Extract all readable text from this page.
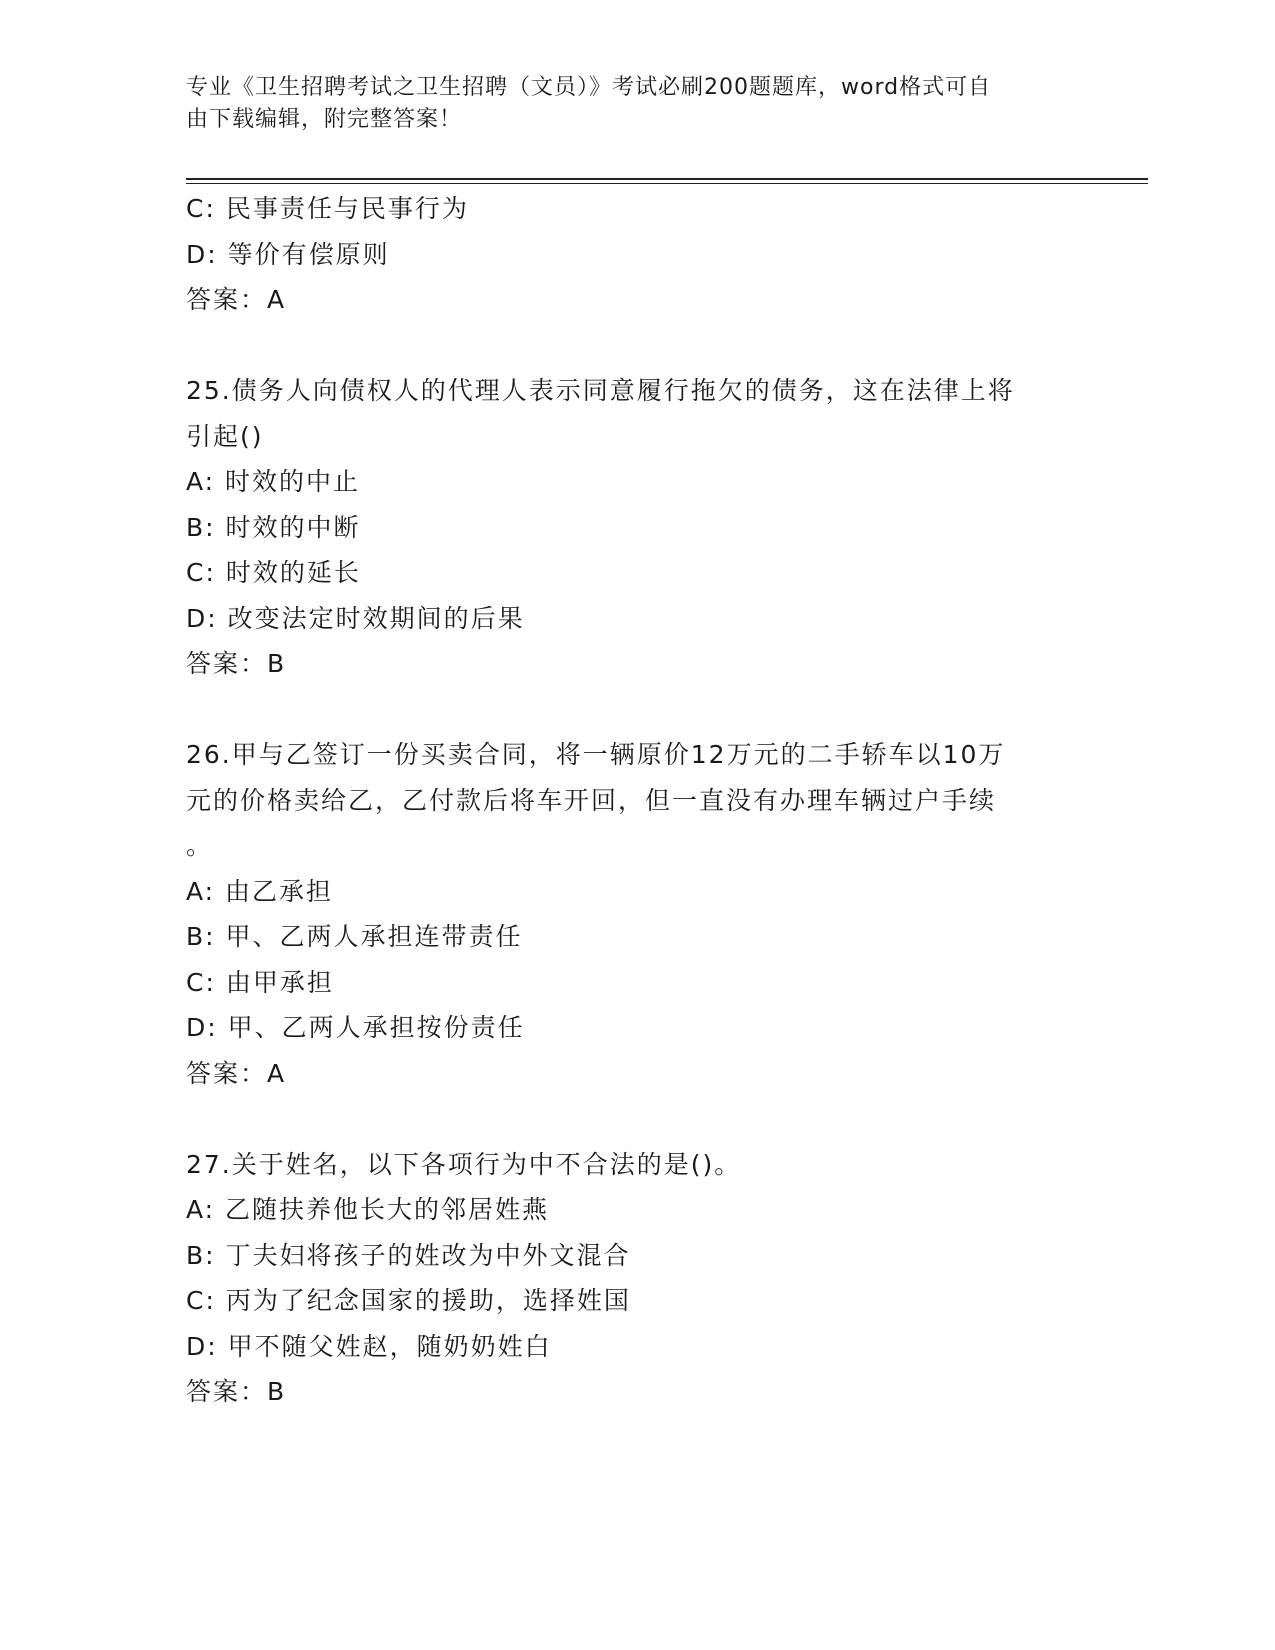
专业《卫生招聘考试之卫生招聘（文员）》考试必刷200题题库，word格式可自
由下载编辑，附完整答案！
C: 民事责任与民事行为
D: 等价有偿原则
答案：A
25.债务人向债权人的代理人表示同意履行拖欠的债务，这在法律上将
引起()
A: 时效的中止
B: 时效的中断
C: 时效的延长
D: 改变法定时效期间的后果
答案：B
26.甲与乙签订一份买卖合同，将一辆原价12万元的二手轿车以10万
元的价格卖给乙，乙付款后将车开回，但一直没有办理车辆过户手续
。
A: 由乙承担
B: 甲、乙两人承担连带责任
C: 由甲承担
D: 甲、乙两人承担按份责任
答案：A
27.关于姓名，以下各项行为中不合法的是()。
A: 乙随扶养他长大的邻居姓燕
B: 丁夫妇将孩子的姓改为中外文混合
C: 丙为了纪念国家的援助，选择姓国
D: 甲不随父姓赵，随奶奶姓白
答案：B
